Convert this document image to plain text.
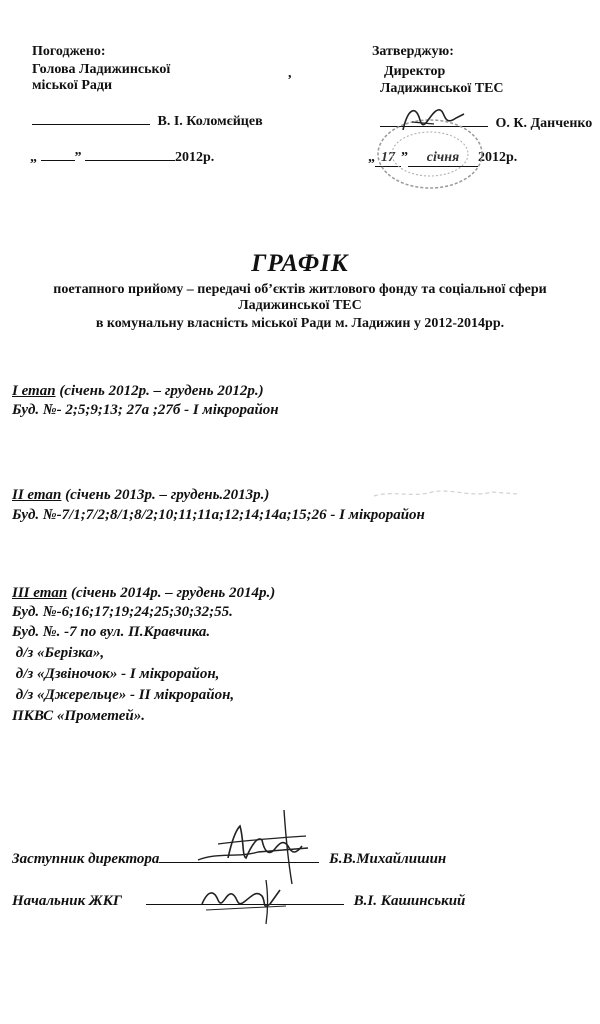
Погоджено:
Голова Ладижинської
міської Ради
В. І. Коломєйцев
„ ”	2012р.
,
Затверджую:
Директор
Ладижинської ТЕС
О. К. Данченко
„ 17 ” січня 2012р.
ГРАФІК
поетапного прийому – передачі об’єктів житлового фонду та соціальної сфери
Ладижинської ТЕС
в комунальну власність міської Ради м. Ладижин у 2012-2014рр.
І етап (січень 2012р. – грудень 2012р.)
Буд. №- 2;5;9;13; 27а ;27б - І мікрорайон
ІІ етап (січень 2013р. – грудень.2013р.)
Буд. №-7/1;7/2;8/1;8/2;10;11;11а;12;14;14а;15;26 - І мікрорайон
ІІІ етап (січень 2014р. – грудень 2014р.)
Буд. №-6;16;17;19;24;25;30;32;55.
Буд. №. -7 по вул. П.Кравчика.
д/з «Берізка»,
д/з «Дзвіночок» - І мікрорайон,
д/з «Джерельце» - ІІ мікрорайон,
ПКВС «Прометей».
Заступник директора	Б.В.Михайлишин
Начальник ЖКГ	В.І. Кашинський
